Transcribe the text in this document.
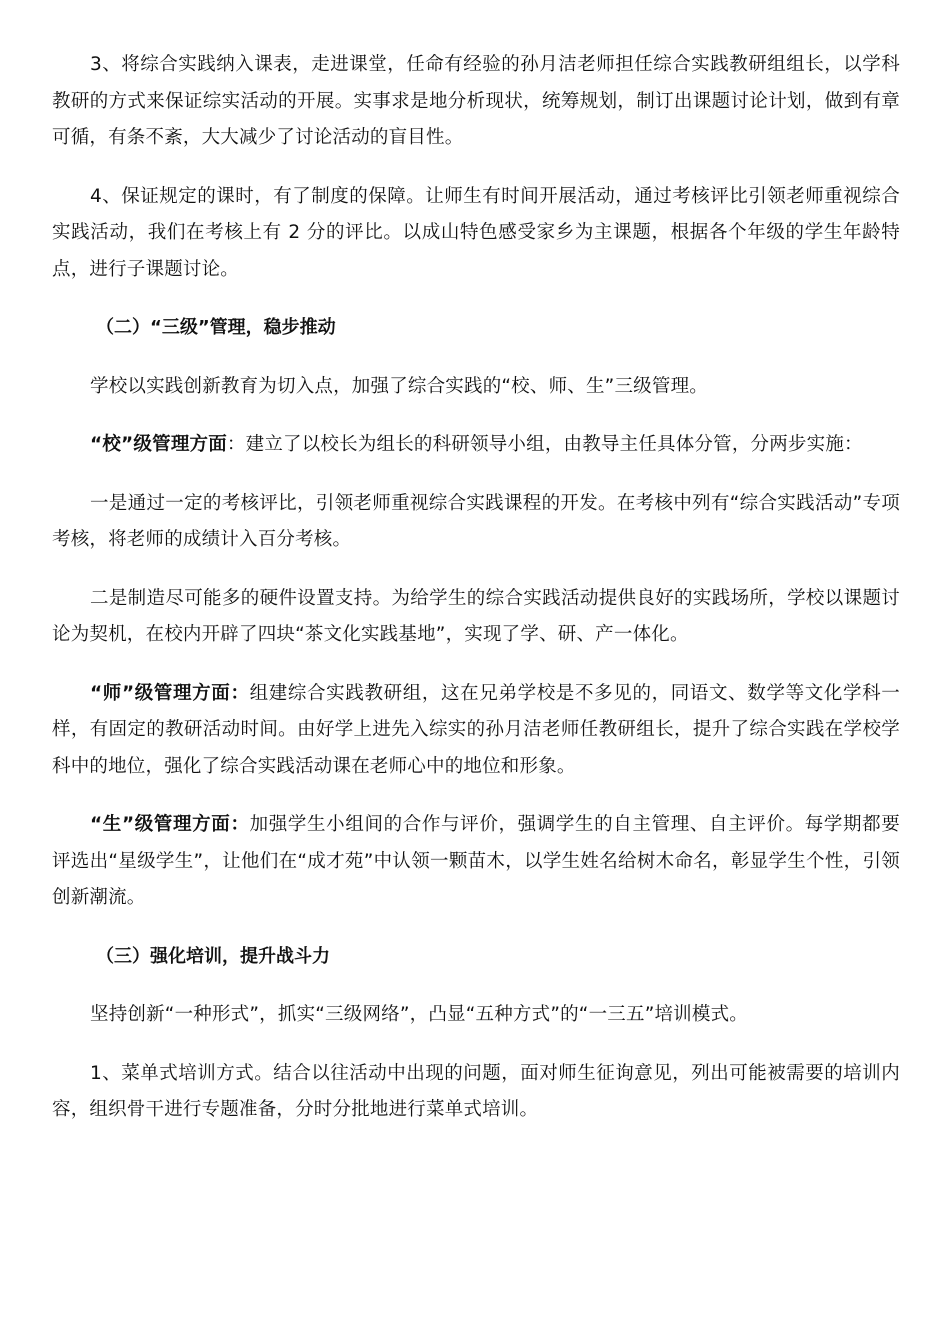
3、将综合实践纳入课表，走进课堂，任命有经验的孙月洁老师担任综合实践教研组组长，以学科教研的方式来保证综实活动的开展。实事求是地分析现状，统筹规划，制订出课题讨论计划，做到有章可循，有条不紊，大大减少了讨论活动的盲目性。

4、保证规定的课时，有了制度的保障。让师生有时间开展活动，通过考核评比引领老师重视综合实践活动，我们在考核上有 2 分的评比。以成山特色感受家乡为主课题，根据各个年级的学生年龄特点，进行子课题讨论。

（二）“三级”管理，稳步推动

学校以实践创新教育为切入点，加强了综合实践的“校、师、生”三级管理。

“校”级管理方面：建立了以校长为组长的科研领导小组，由教导主任具体分管，分两步实施：

一是通过一定的考核评比，引领老师重视综合实践课程的开发。在考核中列有“综合实践活动”专项考核，将老师的成绩计入百分考核。

二是制造尽可能多的硬件设置支持。为给学生的综合实践活动提供良好的实践场所，学校以课题讨论为契机，在校内开辟了四块“茶文化实践基地”，实现了学、研、产一体化。

“师”级管理方面：组建综合实践教研组，这在兄弟学校是不多见的，同语文、数学等文化学科一样，有固定的教研活动时间。由好学上进先入综实的孙月洁老师任教研组长，提升了综合实践在学校学科中的地位，强化了综合实践活动课在老师心中的地位和形象。

“生”级管理方面：加强学生小组间的合作与评价，强调学生的自主管理、自主评价。每学期都要评选出“星级学生”，让他们在“成才苑”中认领一颗苗木，以学生姓名给树木命名，彰显学生个性，引领创新潮流。

（三）强化培训，提升战斗力

坚持创新“一种形式”，抓实“三级网络”，凸显“五种方式”的“一三五”培训模式。

1、菜单式培训方式。结合以往活动中出现的问题，面对师生征询意见，列出可能被需要的培训内容，组织骨干进行专题准备，分时分批地进行菜单式培训。
